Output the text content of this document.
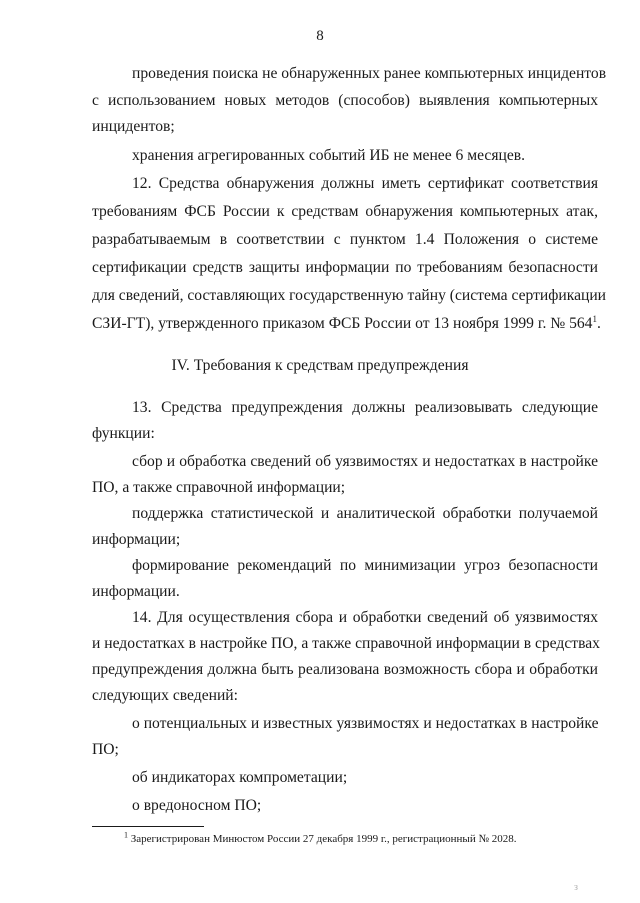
8
проведения поиска не обнаруженных ранее компьютерных инцидентов
с использованием новых методов (способов) выявления компьютерных
инцидентов;
хранения агрегированных событий ИБ не менее 6 месяцев.
12. Средства обнаружения должны иметь сертификат соответствия
требованиям ФСБ России к средствам обнаружения компьютерных атак,
разрабатываемым в соответствии с пунктом 1.4 Положения о системе
сертификации средств защиты информации по требованиям безопасности
для сведений, составляющих государственную тайну (система сертификации
СЗИ-ГТ), утвержденного приказом ФСБ России от 13 ноября 1999 г. № $564^1$.
IV. Требования к средствам предупреждения
13. Средства предупреждения должны реализовывать следующие
функции:
сбор и обработка сведений об уязвимостях и недостатках в настройке
ПО, а также справочной информации;
поддержка статистической и аналитической обработки получаемой
информации;
формирование рекомендаций по минимизации угроз безопасности
информации.
14. Для осуществления сбора и обработки сведений об уязвимостях
и недостатках в настройке ПО, а также справочной информации в средствах
предупреждения должна быть реализована возможность сбора и обработки
следующих сведений:
о потенциальных и известных уязвимостях и недостатках в настройке
ПО;
об индикаторах компрометации;
о вредоносном ПО;
$^1$ Зарегистрирован Минюстом России 27 декабря 1999 г., регистрационный № 2028.
з
